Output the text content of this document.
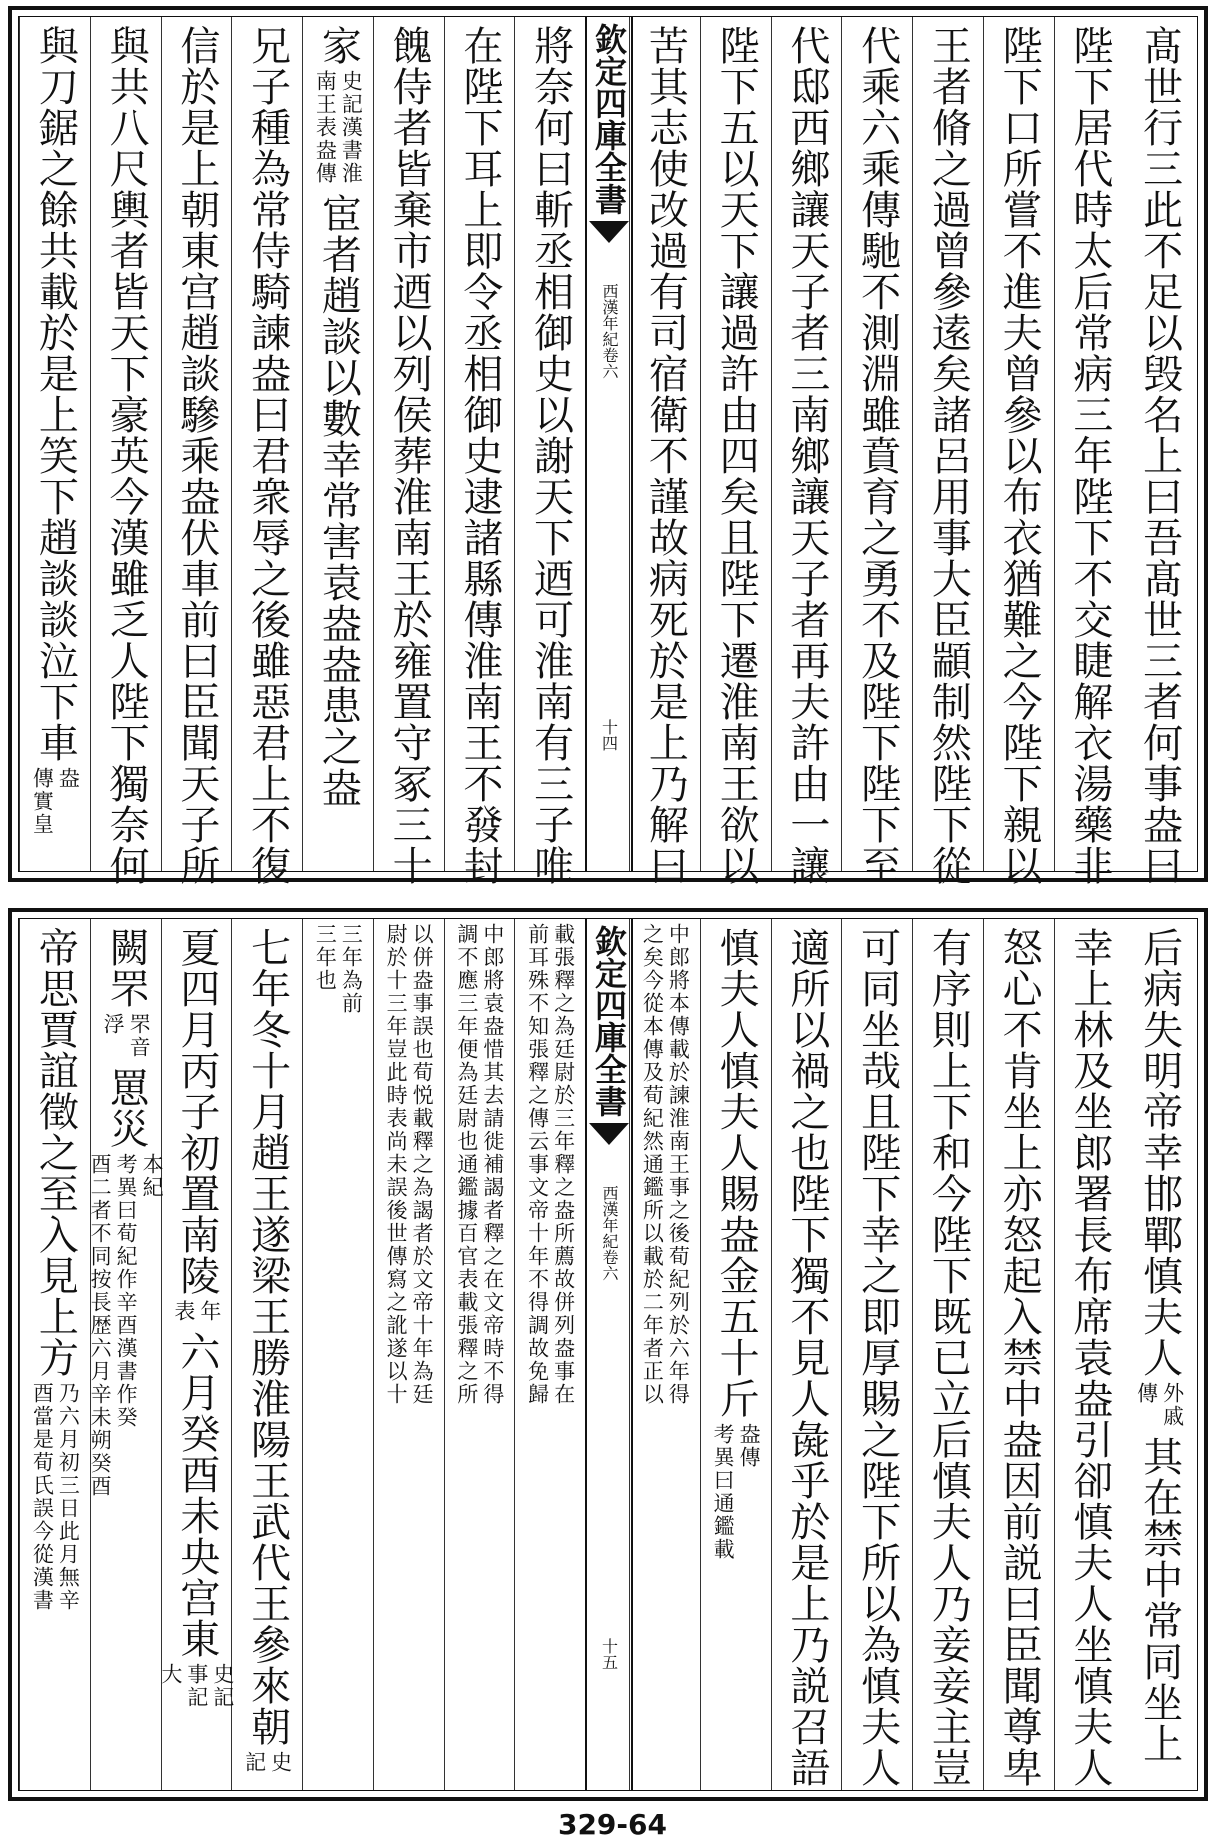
髙世行三此不足以毁名上曰吾髙世三者何事盎曰
陛下居代時太后常病三年陛下不交睫解衣湯藥非
陛下口所嘗不進夫曾參以布衣猶難之今陛下親以
王者脩之過曾參逺矣諸呂用事大臣顓制然陛下從
代乘六乘傳馳不測淵雖賁育之勇不及陛下陛下至
代邸西鄉讓天子者三南鄉讓天子者再夫許由一讓
陛下五以天下讓過許由四矣且陛下遷淮南王欲以
苦其志使改過有司宿衛不謹故病死於是上乃解曰
欽定四庫全書
西漢年紀
卷六
十四
將奈何曰斬丞相御史以謝天下迺可淮南有三子唯
在陛下耳上即令丞相御史逮諸縣傳淮南王不發封
餽侍者皆棄市迺以列侯葬淮南王於雍置守冢三十
家
史記漢書淮
南王表盎傳
宦者趙談以數幸常害袁盎盎患之盎
兄子種為常侍騎諫盎曰君衆辱之後雖惡君上不復
信於是上朝東宫趙談驂乘盎伏車前曰臣聞天子所
與共八尺輿者皆天下豪英今漢雖乏人陛下獨奈何
與刀鋸之餘共載於是上笑下趙談談泣下車
盎
傳實皇
后病失明帝幸邯鄲慎夫人
外戚
傳
其在禁中常同坐上
幸上林及坐郎署長布席袁盎引卻慎夫人坐慎夫人
怒心不肯坐上亦怒起入禁中盎因前説曰臣聞尊卑
有序則上下和今陛下既已立后慎夫人乃妾妾主豈
可同坐哉且陛下幸之即厚賜之陛下所以為慎夫人
適所以禍之也陛下獨不見人彘乎於是上乃説召語
慎夫人慎夫人賜盎金五十斤
盎傳
考異曰通鑑載
中郎將本傳載於諫淮南王事之後荀紀列於六年得
之矣今從本傳及荀紀然通鑑所以載於二年者正以
欽定四庫全書
西漢年紀
卷六
十五
載張釋之為廷尉於三年釋之盎所薦故併列盎事在
前耳殊不知張釋之傳云事文帝十年不得調故免歸
中郎將袁盎惜其去請徙補謁者釋之在文帝時不得
調不應三年便為廷尉也通鑑據百官表載張釋之所
以併盎事誤也荀悦載釋之為謁者於文帝十年為廷
尉於十三年豈此時表尚未誤後世傳寫之訛遂以十
三年為前
三年也
七年冬十月趙王遂梁王勝淮陽王武代王參來朝
史
記
夏四月丙子初置南陵
年
表
六月癸酉未央宫東
史記
事記
大
闕罘
罘音
浮
罳災
本紀
考異曰荀紀作辛酉漢書作癸
酉二者不同按長歴六月辛未朔癸酉
帝思賈誼徵之至入見上方
乃六月初三日此月無辛
酉當是荀氏誤今從漢書
329-64
